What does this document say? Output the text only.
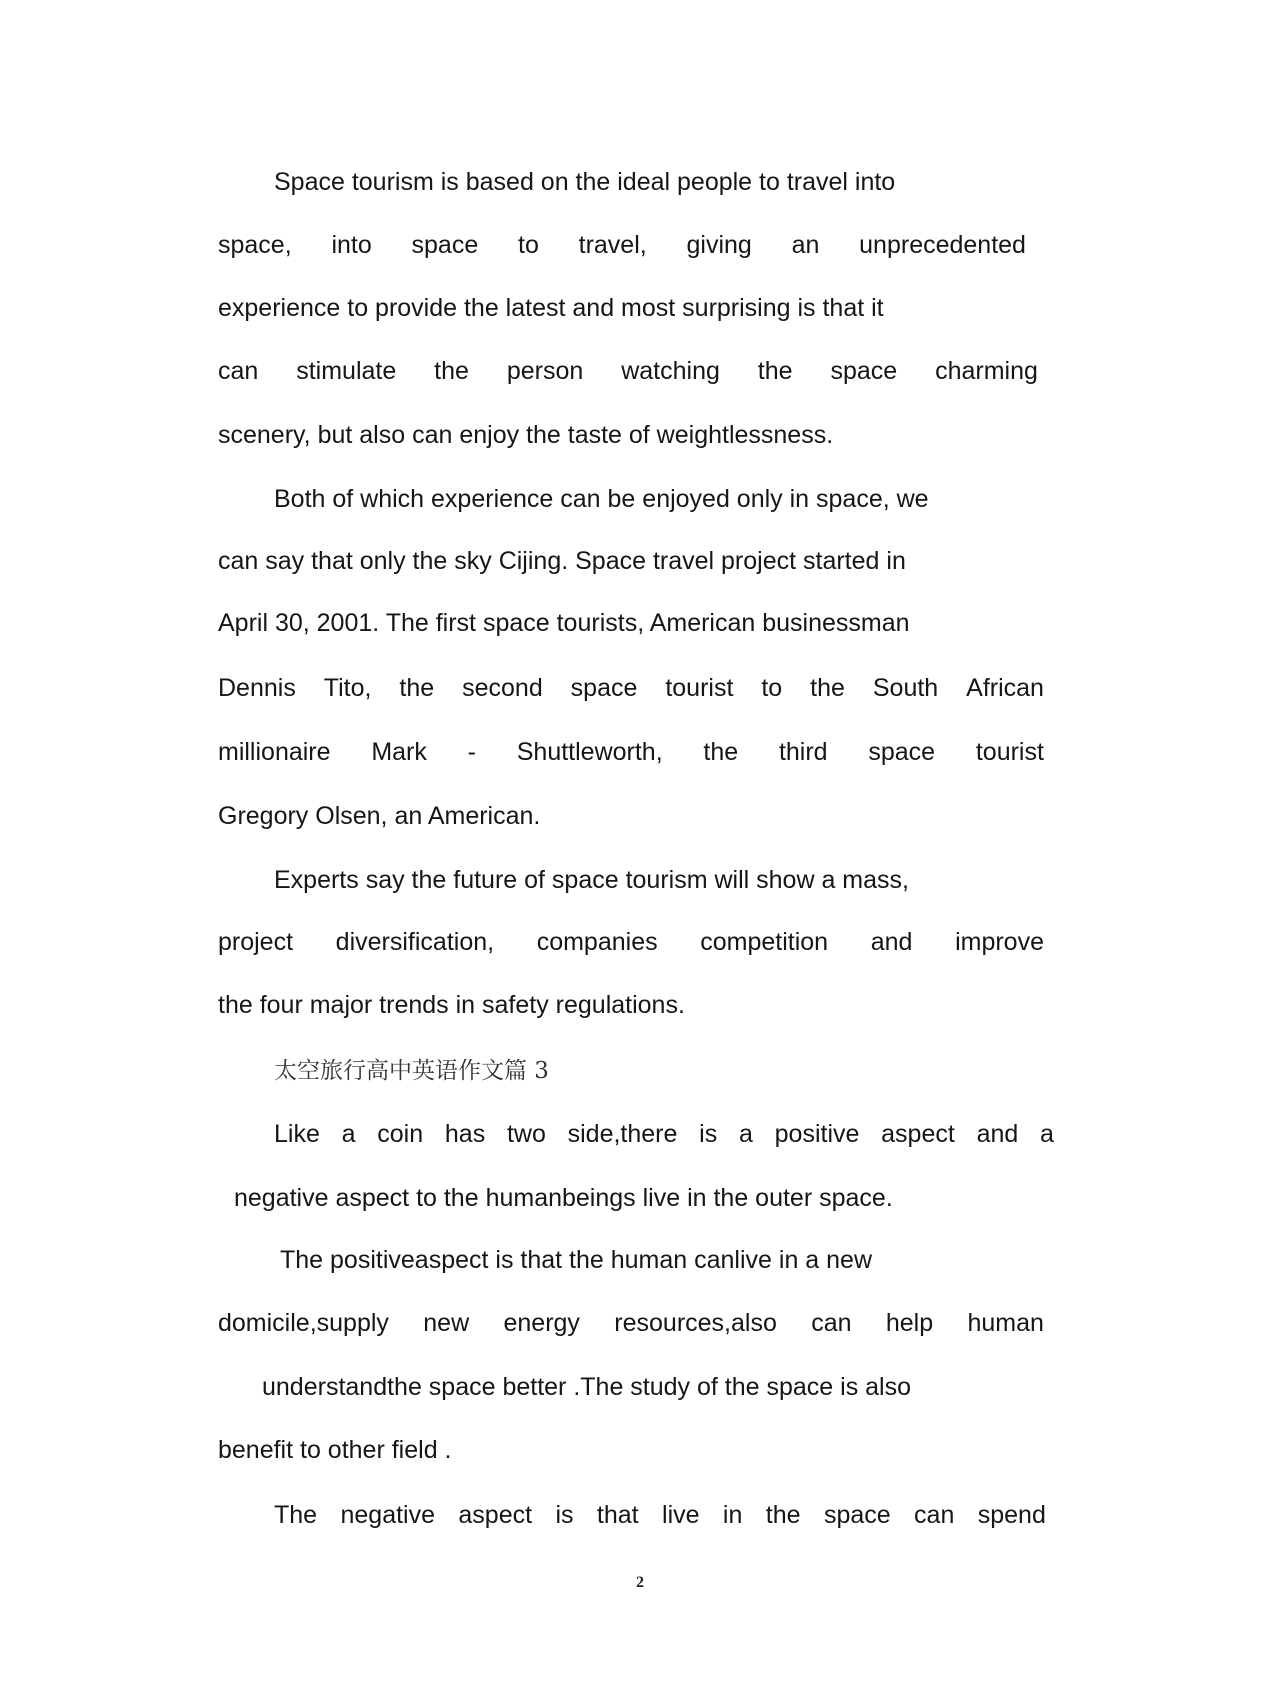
Space tourism is based on the ideal people to travel into
space, into space to travel, giving an unprecedented
experience to provide the latest and most surprising is that it
can stimulate the person watching the space charming
scenery, but also can enjoy the taste of weightlessness.
Both of which experience can be enjoyed only in space, we
can say that only the sky Cijing. Space travel project started in
April 30, 2001. The first space tourists, American businessman
Dennis Tito, the second space tourist to the South African
millionaire Mark - Shuttleworth, the third space tourist
Gregory Olsen, an American.
Experts say the future of space tourism will show a mass,
project diversification, companies competition and improve
the four major trends in safety regulations.
太空旅行高中英语作文篇 3
Like a coin has two side,there is a positive aspect and a
negative aspect to the humanbeings live in the outer space.
The positiveaspect is that the human canlive in a new
domicile,supply new energy resources,also can help human
understandthe space better .The study of the space is also
benefit to other field .
The negative aspect is that live in the space can spend
2
